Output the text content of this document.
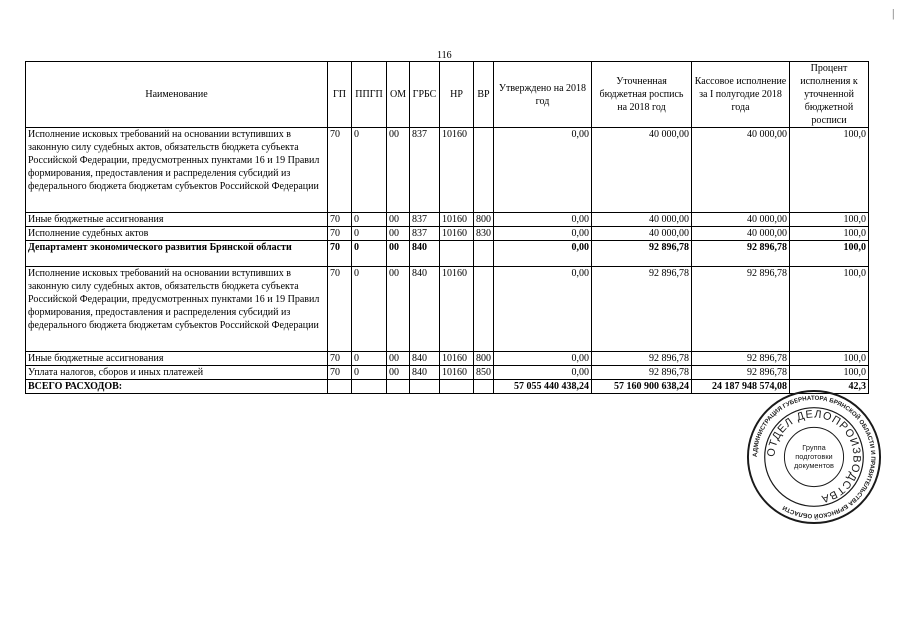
|
116
Наименование	ГП	ППГП	ОМ	ГРБС	НР	ВР	Утверждено на 2018 год	Уточненная бюджетная роспись на 2018 год	Кассовое исполнение за I полугодие 2018 года	Процент исполнения к уточненной бюджетной росписи
Исполнение исковых требований на основании вступивших в законную силу судебных актов, обязательств бюджета субъекта Российской Федерации, предусмотренных пунктами 16 и 19 Правил формирования, предоставления и распределения субсидий из федерального бюджета бюджетам субъектов Российской Федерации	70	0	00	837	10160		0,00	40 000,00	40 000,00	100,0
Иные бюджетные ассигнования	70	0	00	837	10160	800	0,00	40 000,00	40 000,00	100,0
Исполнение судебных актов	70	0	00	837	10160	830	0,00	40 000,00	40 000,00	100,0
Департамент экономического развития Брянской области	70	0	00	840			0,00	92 896,78	92 896,78	100,0
Исполнение исковых требований на основании вступивших в законную силу судебных актов, обязательств бюджета субъекта Российской Федерации, предусмотренных пунктами 16 и 19 Правил формирования, предоставления и распределения субсидий из федерального бюджета бюджетам субъектов Российской Федерации	70	0	00	840	10160		0,00	92 896,78	92 896,78	100,0
Иные бюджетные ассигнования	70	0	00	840	10160	800	0,00	92 896,78	92 896,78	100,0
Уплата налогов, сборов и иных платежей	70	0	00	840	10160	850	0,00	92 896,78	92 896,78	100,0
ВСЕГО РАСХОДОВ:							57 055 440 438,24	57 160 900 638,24	24 187 948 574,08	42,3
АДМИНИСТРАЦИЯ ГУБЕРНАТОРА БРЯНСКОЙ ОБЛАСТИ И ПРАВИТЕЛЬСТВА БРЯНСКОЙ ОБЛАСТИ
ОТДЕЛ ДЕЛОПРОИЗВОДСТВА
Группа
подготовки
документов
